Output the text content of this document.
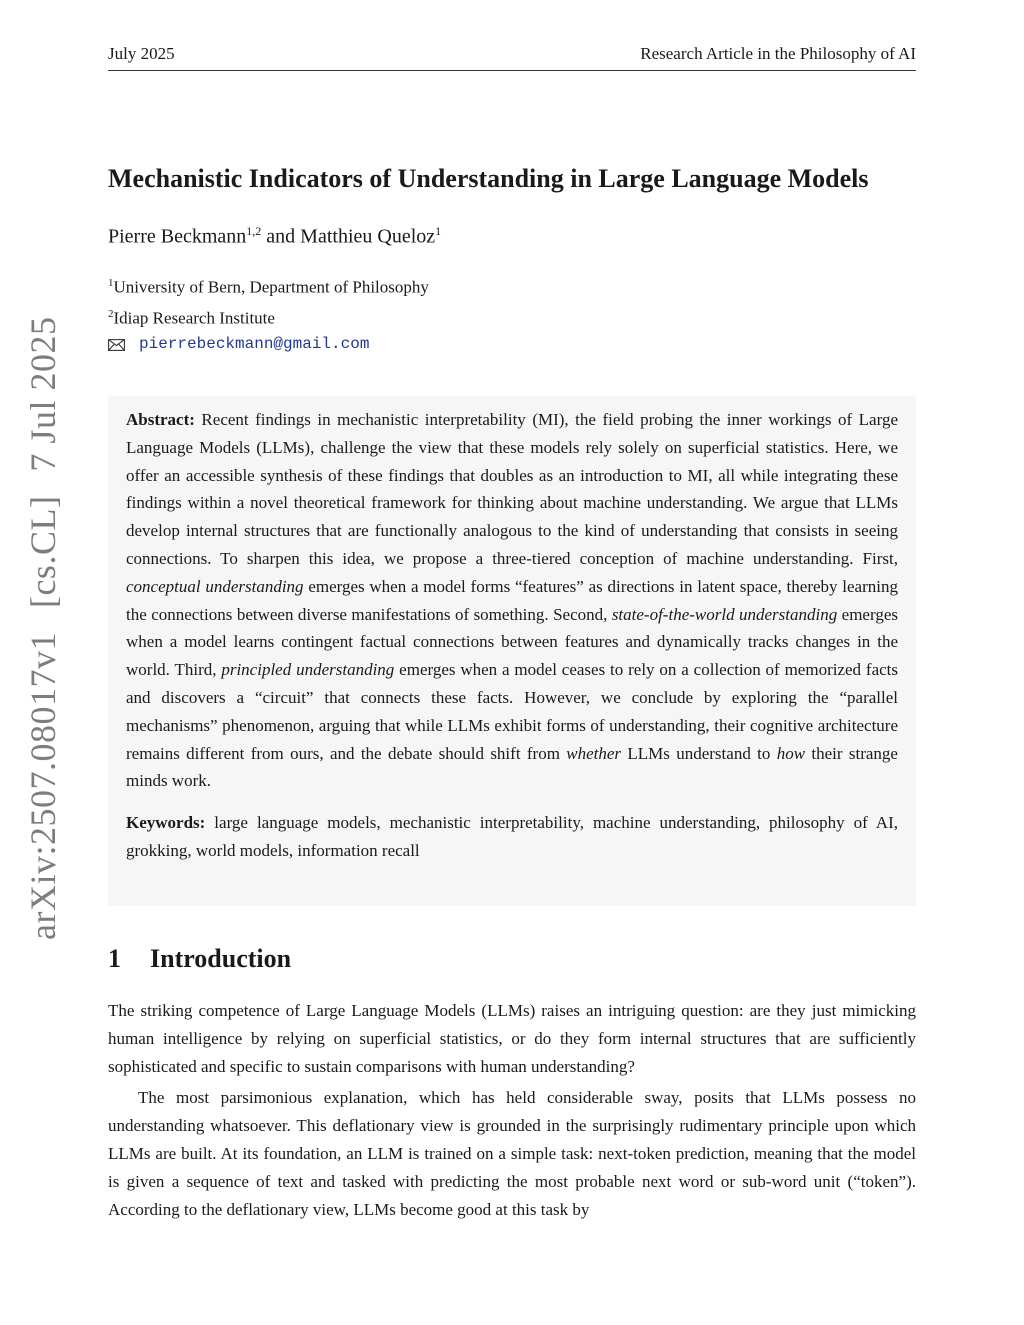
July 2025	Research Article in the Philosophy of AI
arXiv:2507.08017v1[cs.CL]7 Jul 2025
Mechanistic Indicators of Understanding in Large Language Models
Pierre Beckmann$^{1,2}$ and Matthieu Queloz$^1$
$^1$University of Bern, Department of Philosophy
$^2$Idiap Research Institute
pierrebeckmann@gmail.com

Abstract: Recent findings in mechanistic interpretability (MI), the field probing the inner workings of Large Language Models (LLMs), challenge the view that these models rely solely on superficial statistics. Here, we offer an accessible synthesis of these findings that doubles as an introduction to MI, all while integrating these findings within a novel theoretical framework for thinking about machine understanding. We argue that LLMs develop internal structures that are functionally analogous to the kind of understanding that consists in seeing connections. To sharpen this idea, we propose a three-tiered conception of machine understanding. First, conceptual understanding emerges when a model forms “features” as directions in latent space, thereby learning the connections between diverse manifestations of something. Second, state-of-the-world understanding emerges when a model learns contingent factual connections between features and dynamically tracks changes in the world. Third, principled understanding emerges when a model ceases to rely on a collection of memorized facts and discovers a “circuit” that connects these facts. However, we conclude by exploring the “parallel mechanisms” phenomenon, arguing that while LLMs exhibit forms of understanding, their cognitive architecture remains different from ours, and the debate should shift from whether LLMs understand to how their strange minds work.

Keywords: large language models, mechanistic interpretability, machine understanding, philosophy of AI, grokking, world models, information recall

1 Introduction

The striking competence of Large Language Models (LLMs) raises an intriguing question: are they just mimicking human intelligence by relying on superficial statistics, or do they form internal structures that are sufficiently sophisticated and specific to sustain comparisons with human understanding?

The most parsimonious explanation, which has held considerable sway, posits that LLMs possess no understanding whatsoever. This deflationary view is grounded in the surprisingly rudimentary principle upon which LLMs are built. At its foundation, an LLM is trained on a simple task: next-token prediction, meaning that the model is given a sequence of text and tasked with predicting the most probable next word or sub-word unit (“token”). According to the deflationary view, LLMs become good at this task by
